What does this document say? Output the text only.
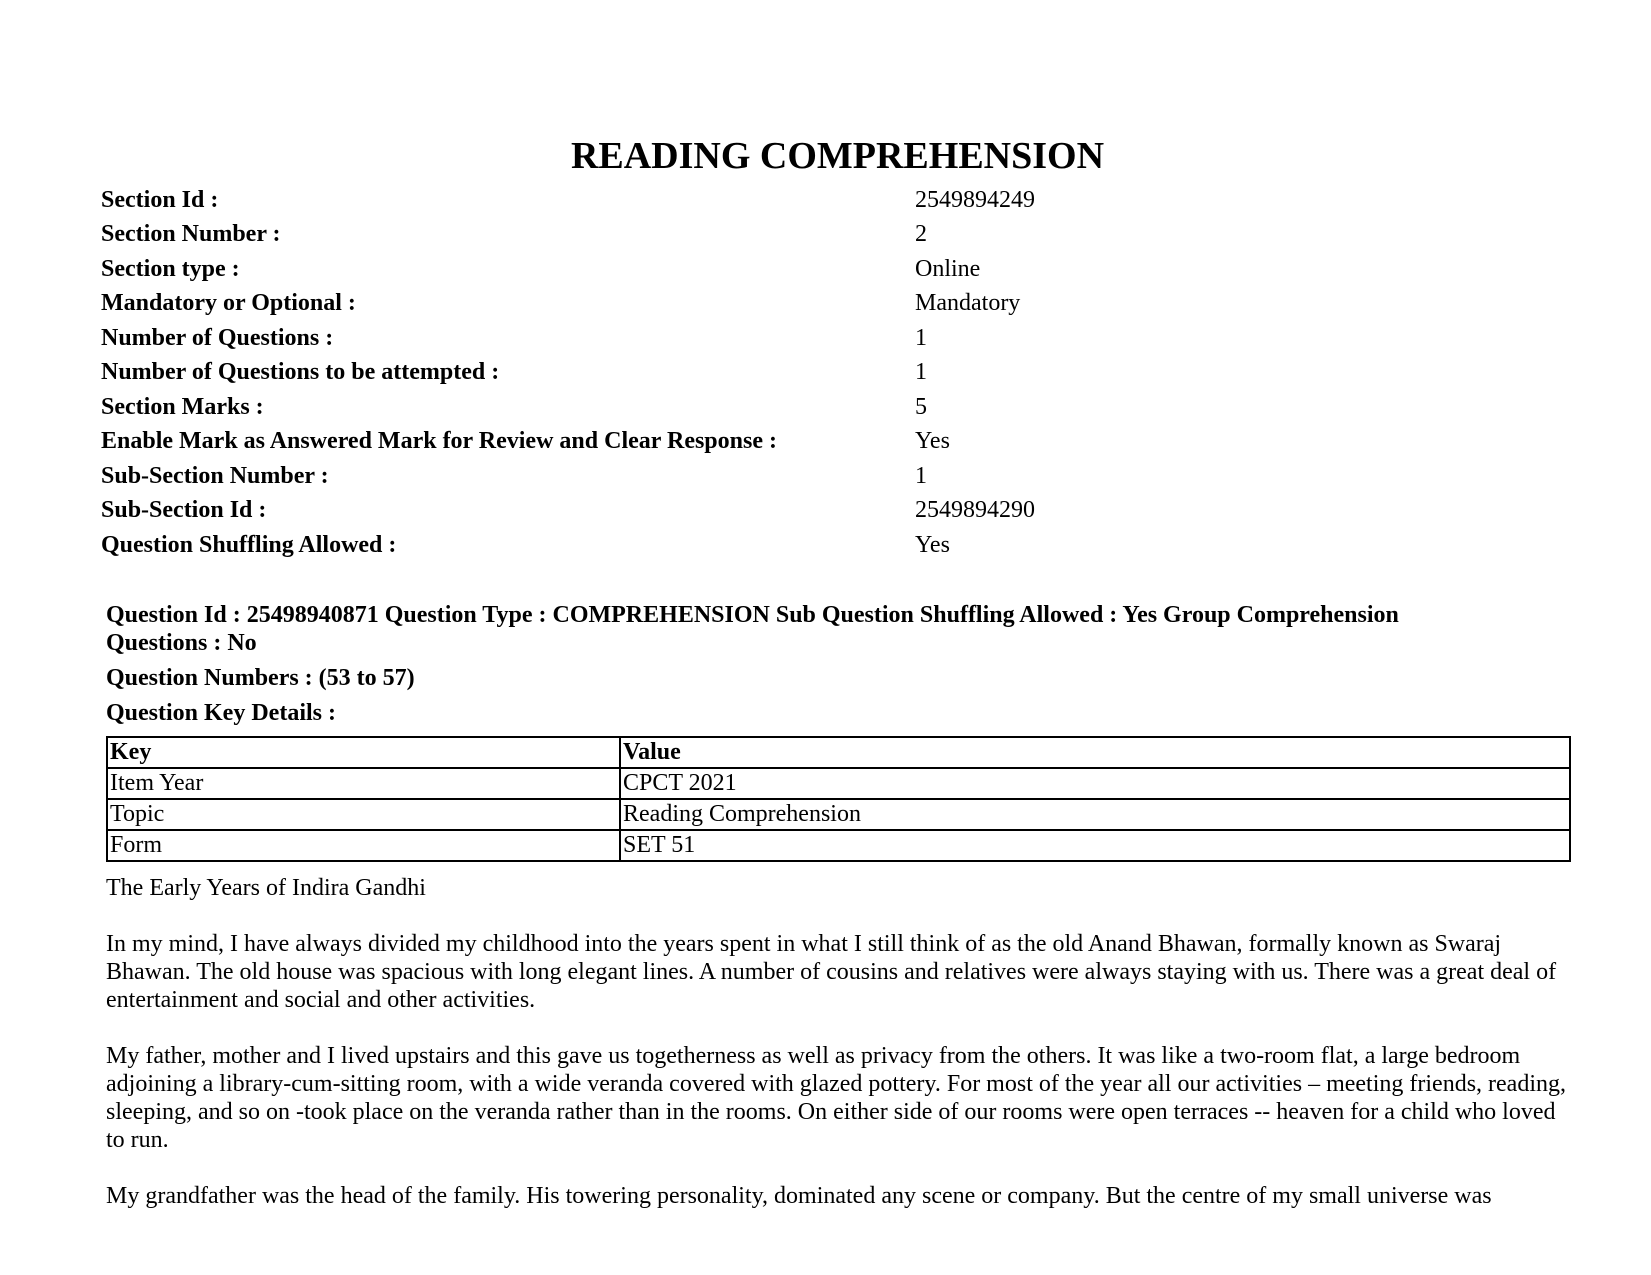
READING COMPREHENSION
Section Id :	2549894249
Section Number :	2
Section type :	Online
Mandatory or Optional :	Mandatory
Number of Questions :	1
Number of Questions to be attempted :	1
Section Marks :	5
Enable Mark as Answered Mark for Review and Clear Response :	Yes
Sub-Section Number :	1
Sub-Section Id :	2549894290
Question Shuffling Allowed :	Yes

Question Id : 25498940871 Question Type : COMPREHENSION Sub Question Shuffling Allowed : Yes Group Comprehension

Questions : No

Question Numbers : (53 to 57)
Question Key Details :
Key	Value
Item Year	CPCT 2021
Topic	Reading Comprehension
Form	SET 51

The Early Years of Indira Gandhi

In my mind, I have always divided my childhood into the years spent in what I still think of as the old Anand Bhawan, formally known as Swaraj Bhawan. The old house was spacious with long elegant lines. A number of cousins and relatives were always staying with us. There was a great deal of entertainment and social and other activities.

My father, mother and I lived upstairs and this gave us togetherness as well as privacy from the others. It was like a two-room flat, a large bedroom adjoining a library-cum-sitting room, with a wide veranda covered with glazed pottery. For most of the year all our activities – meeting friends, reading, sleeping, and so on -took place on the veranda rather than in the rooms. On either side of our rooms were open terraces -- heaven for a child who loved to run.

My grandfather was the head of the family. His towering personality, dominated any scene or company. But the centre of my small universe was
